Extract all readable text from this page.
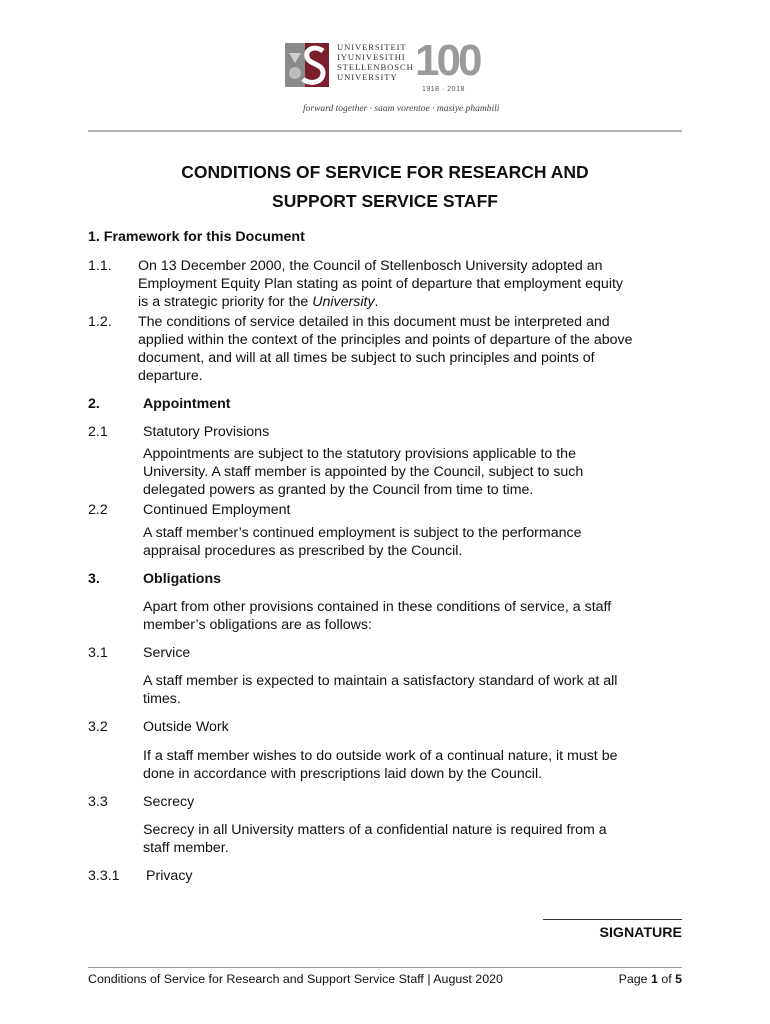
UNIVERSITEIT
IYUNIVESITHI
STELLENBOSCH
UNIVERSITY 100
1918 · 2018
forward together · saam vorentoe · masiye phambili
CONDITIONS OF SERVICE FOR RESEARCH AND
SUPPORT SERVICE STAFF
1. Framework for this Document
1.1. On 13 December 2000, the Council of Stellenbosch University adopted an
Employment Equity Plan stating as point of departure that employment equity
is a strategic priority for the University.
1.2. The conditions of service detailed in this document must be interpreted and
applied within the context of the principles and points of departure of the above
document, and will at all times be subject to such principles and points of
departure.
2.	Appointment
2.1 Statutory Provisions
Appointments are subject to the statutory provisions applicable to the
University. A staff member is appointed by the Council, subject to such
delegated powers as granted by the Council from time to time.
2.2 Continued Employment
A staff member’s continued employment is subject to the performance
appraisal procedures as prescribed by the Council.
3.	Obligations
Apart from other provisions contained in these conditions of service, a staff
member’s obligations are as follows:
3.1 Service
A staff member is expected to maintain a satisfactory standard of work at all
times.
3.2 Outside Work
If a staff member wishes to do outside work of a continual nature, it must be
done in accordance with prescriptions laid down by the Council.
3.3 Secrecy
Secrecy in all University matters of a confidential nature is required from a
staff member.
3.3.1 Privacy
SIGNATURE
Conditions of Service for Research and Support Service Staff | August 2020	Page 1 of 5
